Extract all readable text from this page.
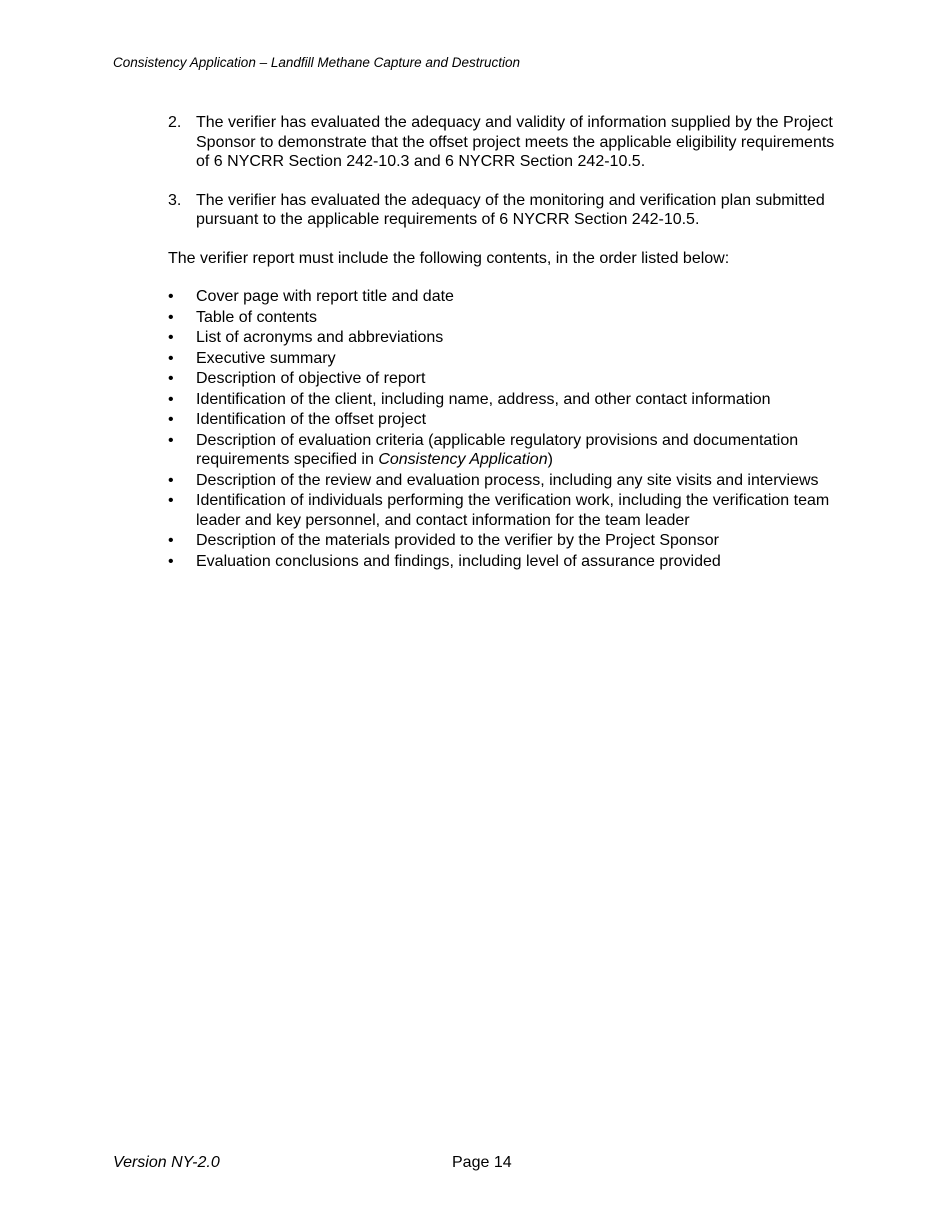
Consistency Application – Landfill Methane Capture and Destruction
2. The verifier has evaluated the adequacy and validity of information supplied by the Project Sponsor to demonstrate that the offset project meets the applicable eligibility requirements of 6 NYCRR Section 242-10.3 and 6 NYCRR Section 242-10.5.
3. The verifier has evaluated the adequacy of the monitoring and verification plan submitted pursuant to the applicable requirements of 6 NYCRR Section 242-10.5.

The verifier report must include the following contents, in the order listed below:

•	Cover page with report title and date
•	Table of contents
•	List of acronyms and abbreviations
•	Executive summary
•	Description of objective of report
•	Identification of the client, including name, address, and other contact information
•	Identification of the offset project
•	Description of evaluation criteria (applicable regulatory provisions and documentation requirements specified in Consistency Application)
•	Description of the review and evaluation process, including any site visits and interviews
•	Identification of individuals performing the verification work, including the verification team leader and key personnel, and contact information for the team leader
•	Description of the materials provided to the verifier by the Project Sponsor
•	Evaluation conclusions and findings, including level of assurance provided
Version NY-2.0	Page 14
